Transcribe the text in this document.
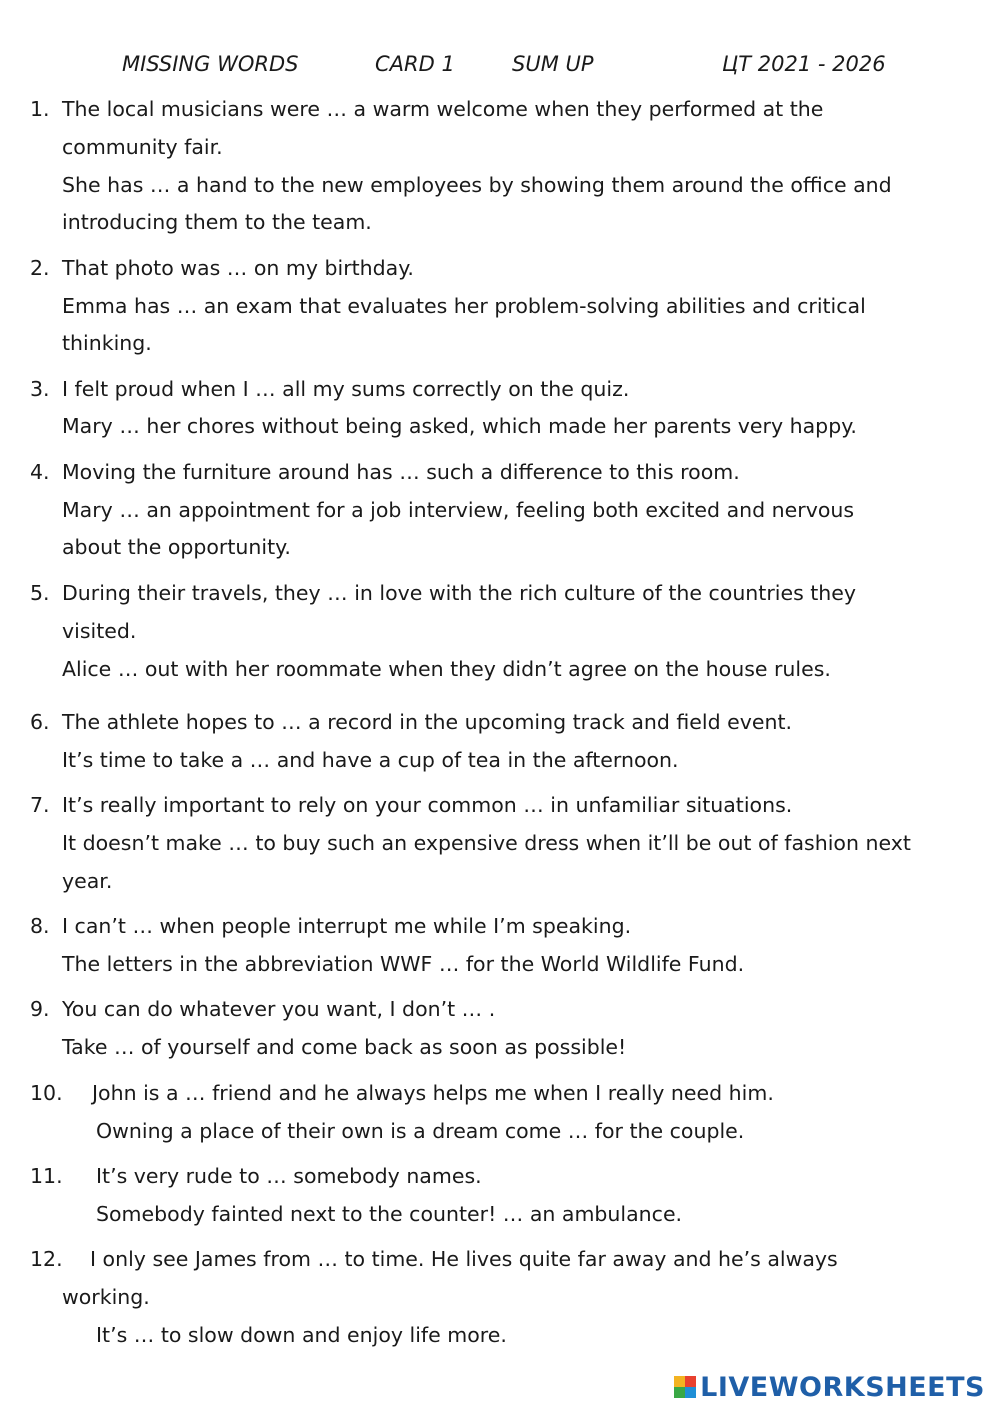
MISSING WORDS	CARD 1	SUM UP	ЦТ 2021 - 2026
1. The local musicians were … a warm welcome when they performed at the
community fair.
She has … a hand to the new employees by showing them around the office and
introducing them to the team.
2. That photo was … on my birthday.
Emma has … an exam that evaluates her problem-solving abilities and critical
thinking.
3. I felt proud when I … all my sums correctly on the quiz.
Mary … her chores without being asked, which made her parents very happy.
4. Moving the furniture around has … such a difference to this room.
Mary … an appointment for a job interview, feeling both excited and nervous
about the opportunity.
5. During their travels, they … in love with the rich culture of the countries they
visited.
Alice … out with her roommate when they didn’t agree on the house rules.
6. The athlete hopes to … a record in the upcoming track and field event.
It’s time to take a … and have a cup of tea in the afternoon.
7. It’s really important to rely on your common … in unfamiliar situations.
It doesn’t make … to buy such an expensive dress when it’ll be out of fashion next
year.
8. I can’t … when people interrupt me while I’m speaking.
The letters in the abbreviation WWF … for the World Wildlife Fund.
9. You can do whatever you want, I don’t … .
Take … of yourself and come back as soon as possible!
10. John is a … friend and he always helps me when I really need him.
Owning a place of their own is a dream come … for the couple.
11. It’s very rude to … somebody names.
Somebody fainted next to the counter! … an ambulance.
12. I only see James from … to time. He lives quite far away and he’s always
working.
It’s … to slow down and enjoy life more.
LIVEWORKSHEETS
